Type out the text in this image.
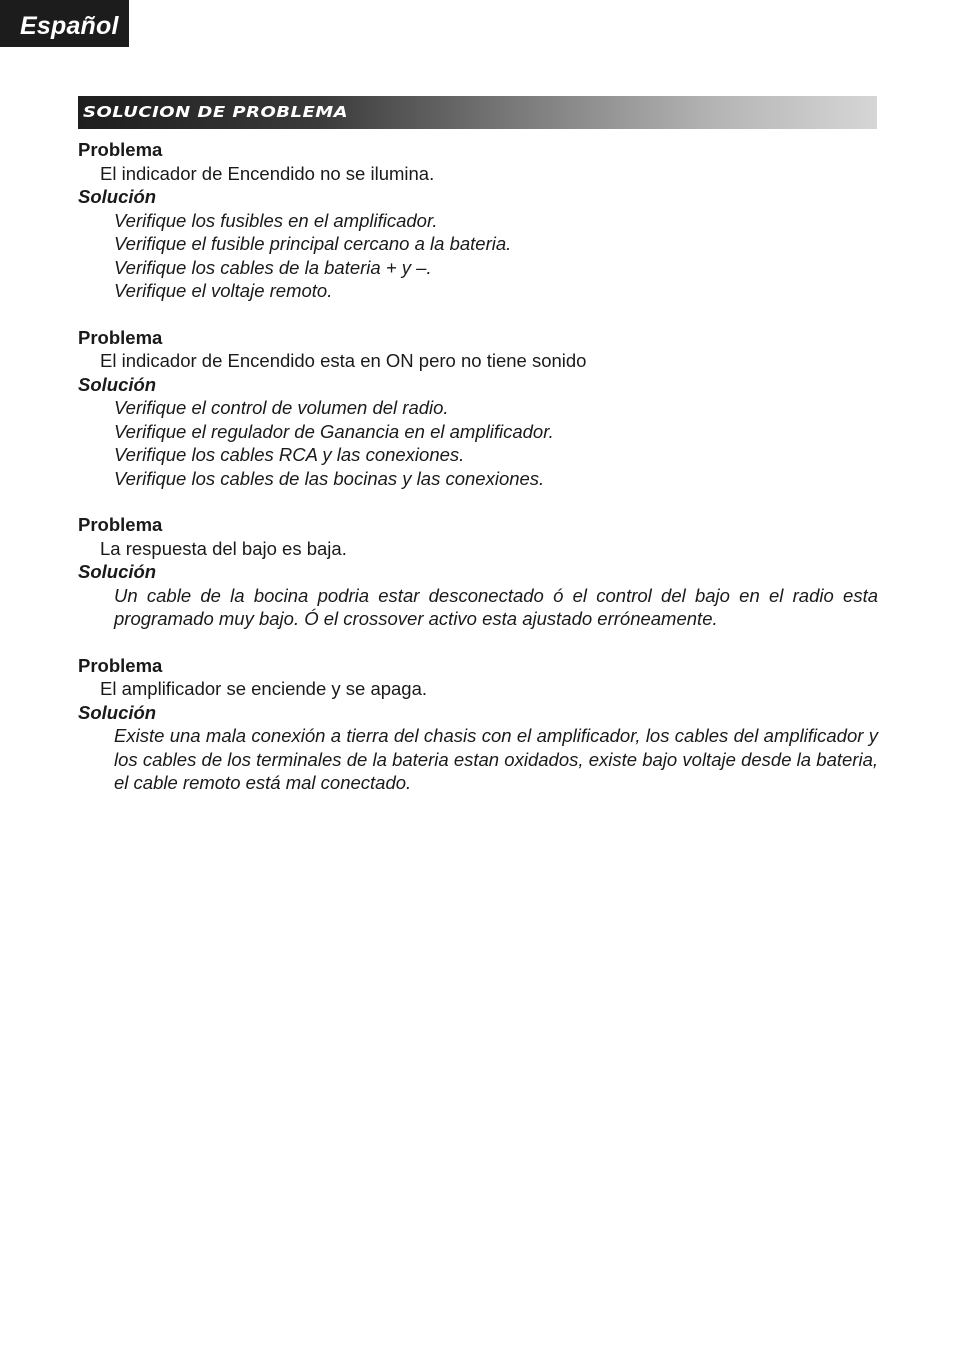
Español
SOLUCION DE PROBLEMA
Problema
El indicador de Encendido no se ilumina.
Solución
Verifique los fusibles en el amplificador.
Verifique el fusible principal cercano a la bateria.
Verifique los cables de la bateria + y –.
Verifique el voltaje remoto.
Problema
El indicador de Encendido esta en ON pero no tiene sonido
Solución
Verifique el control de volumen del radio.
Verifique el regulador de Ganancia en el amplificador.
Verifique los cables RCA y las conexiones.
Verifique los cables de las bocinas y las conexiones.
Problema
La respuesta del bajo es baja.
Solución
Un cable de la bocina podria estar desconectado ó el control del bajo en el radio esta programado muy bajo. Ó el crossover activo esta ajustado erróneamente.
Problema
El amplificador se enciende y se apaga.
Solución
Existe una mala conexión a tierra del chasis con el amplificador, los cables del amplificador y los cables de los terminales de la bateria estan oxidados, existe bajo voltaje desde la bateria, el cable remoto está mal conectado.
